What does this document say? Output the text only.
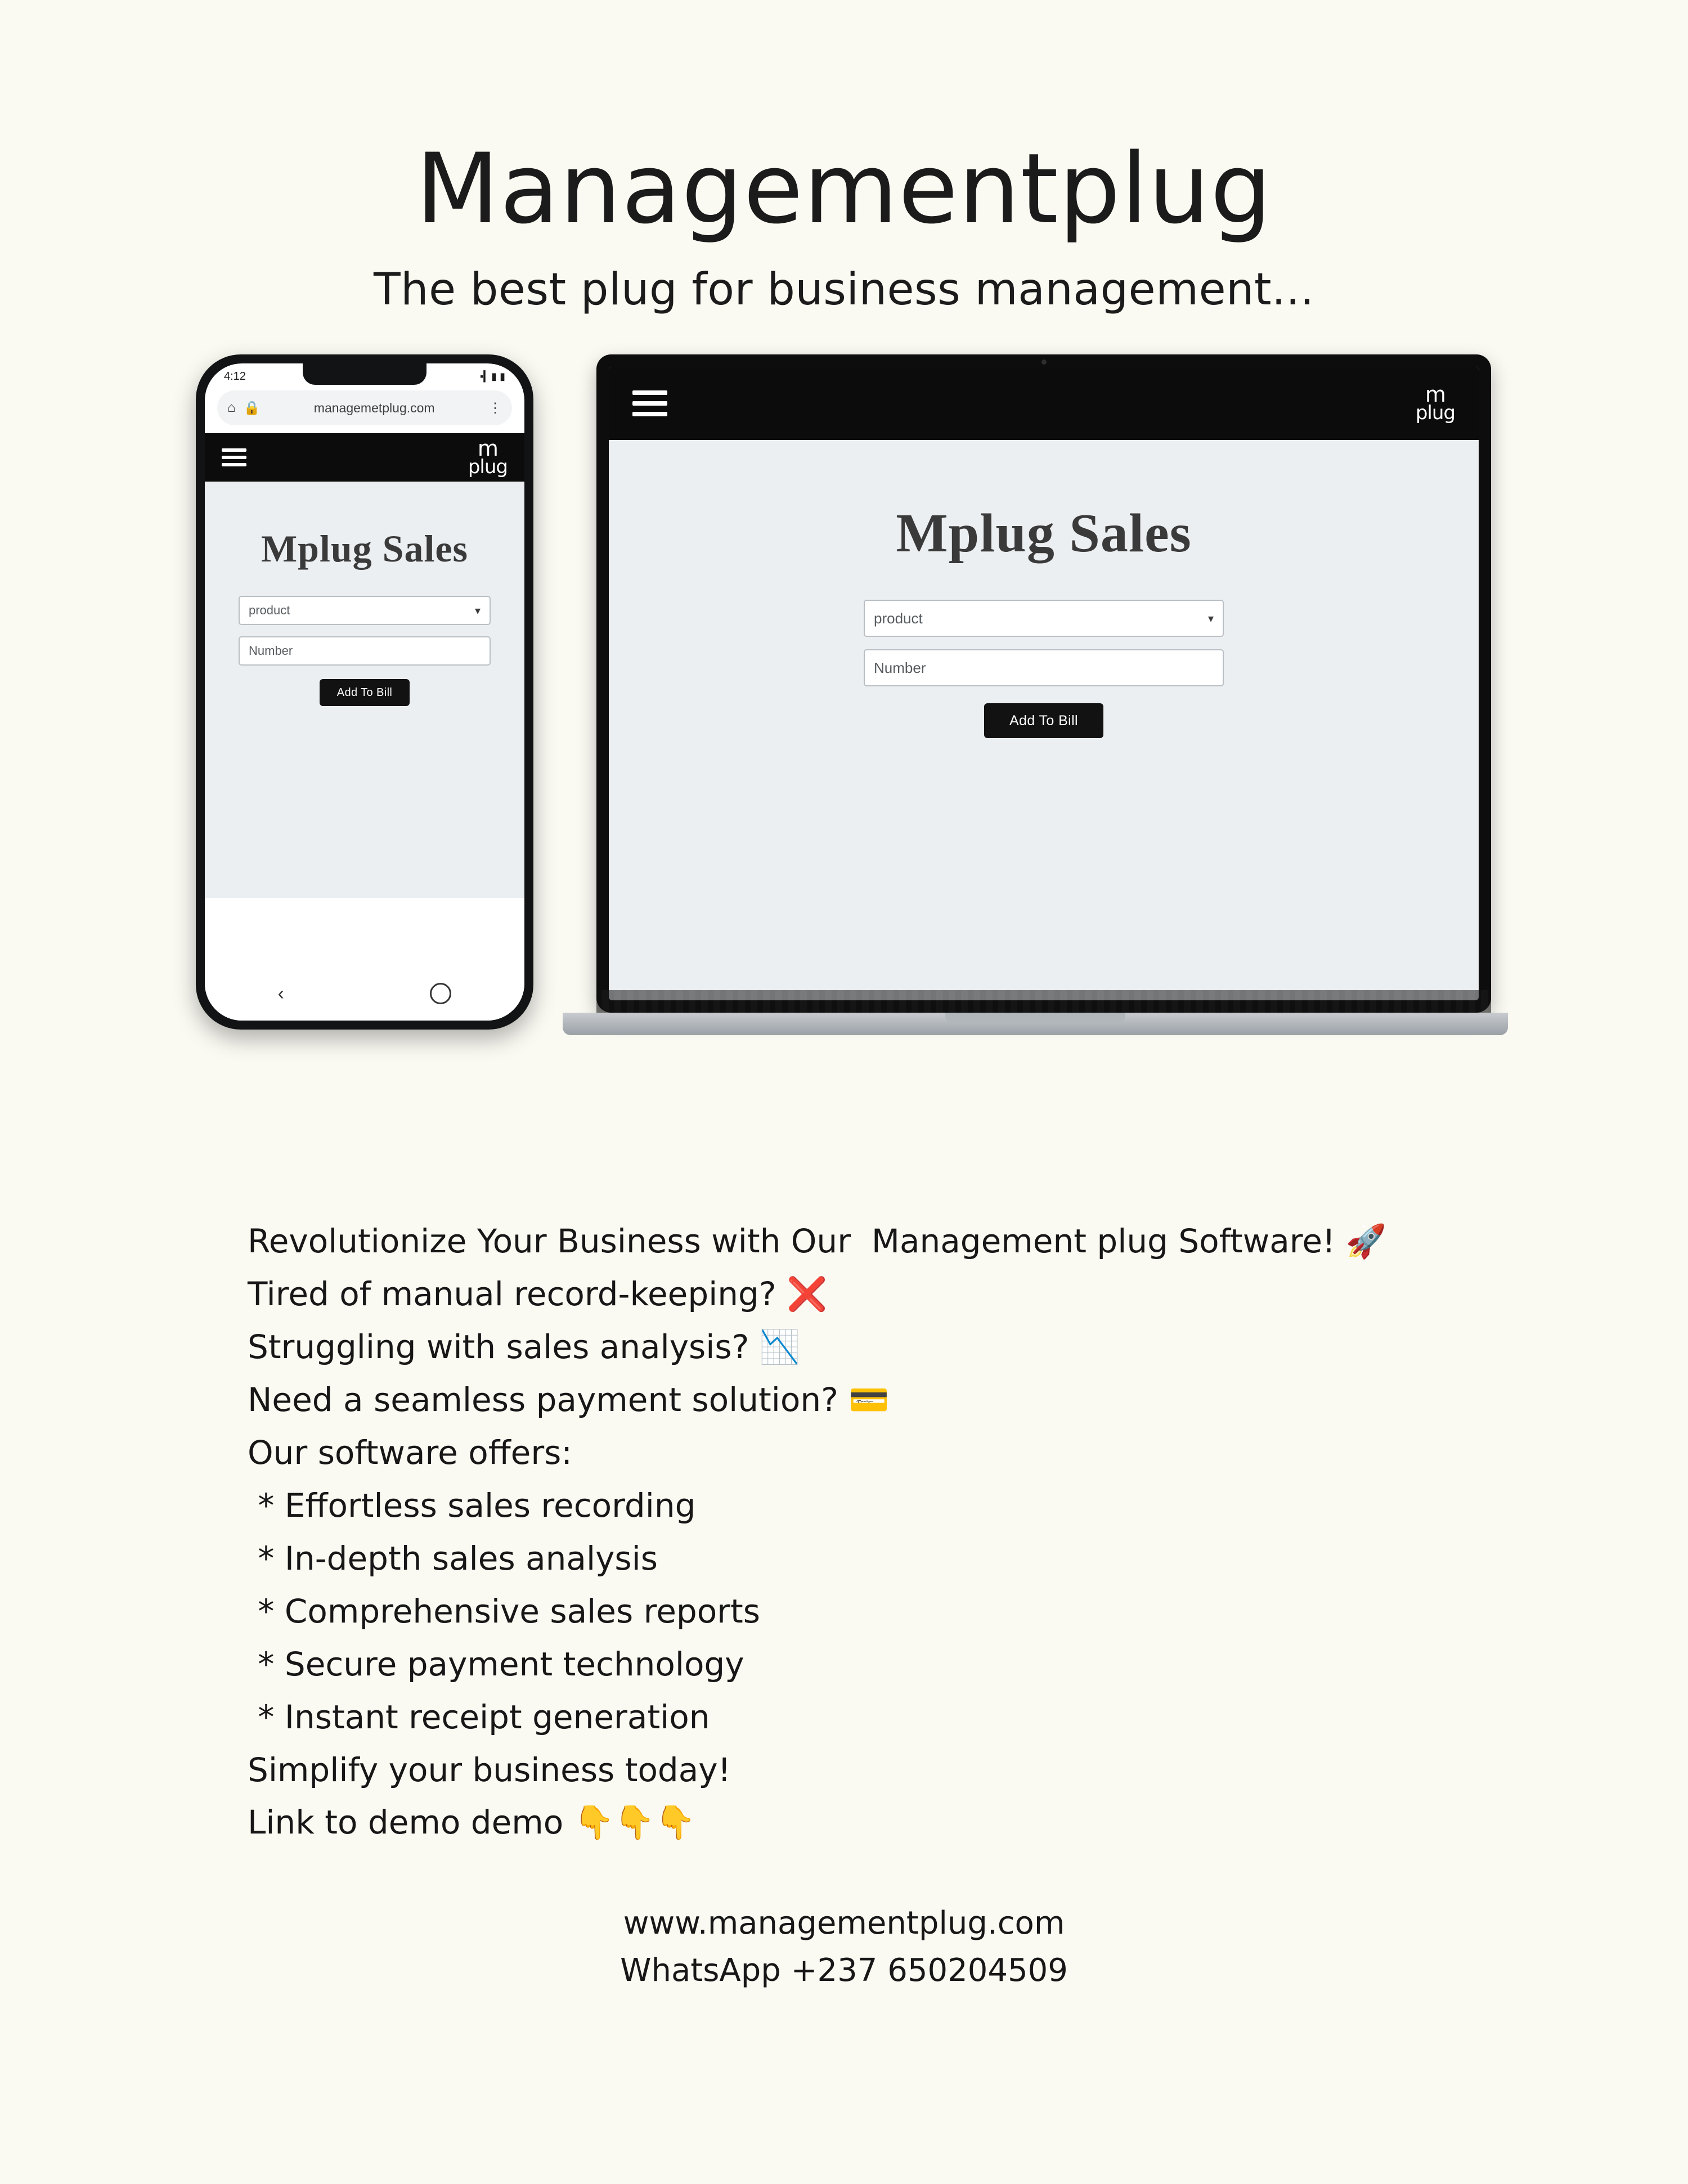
Managementplug
The best plug for business management...
4:12	▪▎▮ ▮
⌂ 🔒	managemetplug.com	⋮
m
plug
Mplug Sales
product	▾
Number
Add To Bill
‹
m
plug
Mplug Sales
product	▾
Number
Add To Bill
Revolutionize Your Business with Our  Management plug Software! 🚀
Tired of manual record-keeping? ❌
Struggling with sales analysis? 📉
Need a seamless payment solution? 💳
Our software offers:
* Effortless sales recording
* In-depth sales analysis
* Comprehensive sales reports
* Secure payment technology
* Instant receipt generation
Simplify your business today!
Link to demo demo 👇👇👇
www.managementplug.com
WhatsApp +237 650204509
